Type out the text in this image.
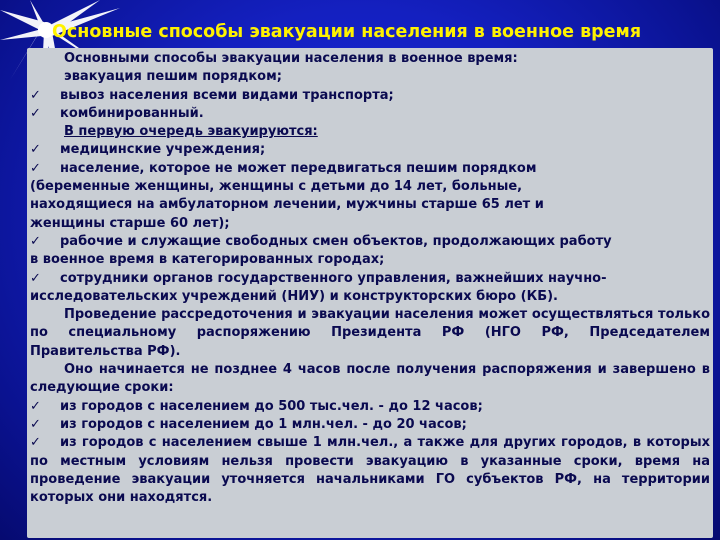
Основные способы эвакуации населения в военное время
Основными способы эвакуации населения в военное время:
эвакуация пешим порядком;
✓ вывоз населения всеми видами транспорта;
✓ комбинированный.
В первую очередь эвакуируются:
✓ медицинские учреждения;
✓ население, которое не может передвигаться пешим порядком
(беременные женщины, женщины с детьми до 14 лет, больные,
находящиеся на амбулаторном лечении, мужчины старше 65 лет и
женщины старше 60 лет);
✓ рабочие и служащие свободных смен объектов, продолжающих работу
в военное время в категорированных городах;
✓ сотрудники органов государственного управления, важнейших научно-
исследовательских учреждений (НИУ) и конструкторских бюро (КБ).
Проведение рассредоточения и эвакуации населения может осуществляться только по специальному распоряжению Президента РФ (НГО РФ, Председателем Правительства РФ).
Оно начинается не позднее 4 часов после получения распоряжения и завершено в следующие сроки:
✓ из городов с населением до 500 тыс.чел. - до 12 часов;
✓ из городов с населением до 1 млн.чел. - до 20 часов;
✓ из городов с населением свыше 1 млн.чел., а также для других городов, в которых по местным условиям нельзя провести эвакуацию в указанные сроки, время на проведение эвакуации уточняется начальниками ГО субъектов РФ, на территории которых они находятся.
